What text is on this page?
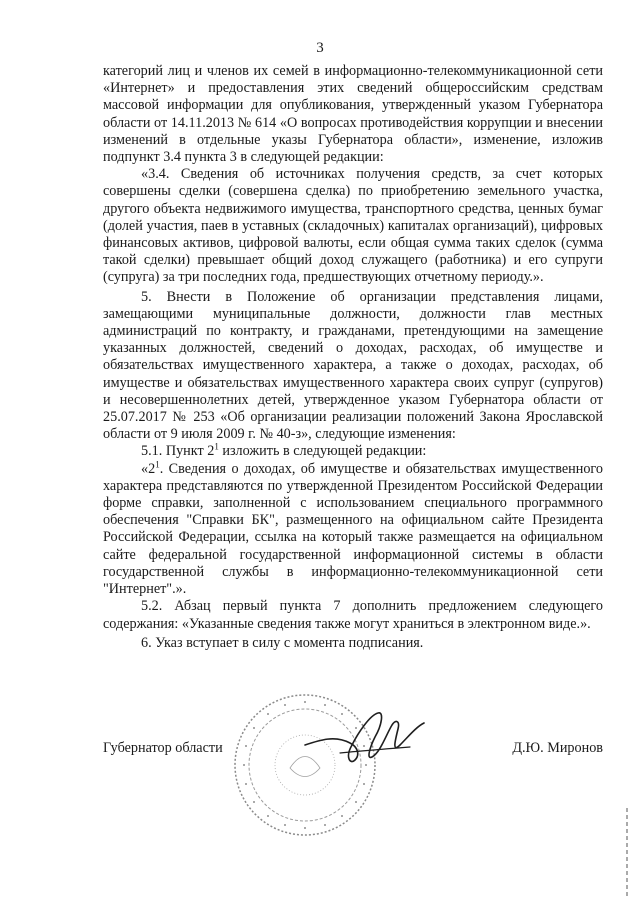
3

категорий лиц и членов их семей в информационно-телекоммуникационной сети «Интернет» и предоставления этих сведений общероссийским средствам массовой информации для опубликования, утвержденный указом Губернатора области от 14.11.2013 № 614 «О вопросах противодействия коррупции и внесении изменений в отдельные указы Губернатора области», изменение, изложив подпункт 3.4 пункта 3 в следующей редакции:

«3.4. Сведения об источниках получения средств, за счет которых совершены сделки (совершена сделка) по приобретению земельного участка, другого объекта недвижимого имущества, транспортного средства, ценных бумаг (долей участия, паев в уставных (складочных) капиталах организаций), цифровых финансовых активов, цифровой валюты, если общая сумма таких сделок (сумма такой сделки) превышает общий доход служащего (работника) и его супруги (супруга) за три последних года, предшествующих отчетному периоду.».

5. Внести в Положение об организации представления лицами, замещающими муниципальные должности, должности глав местных администраций по контракту, и гражданами, претендующими на замещение указанных должностей, сведений о доходах, расходах, об имуществе и обязательствах имущественного характера, а также о доходах, расходах, об имуществе и обязательствах имущественного характера своих супруг (супругов) и несовершеннолетних детей, утвержденное указом Губернатора области от 25.07.2017 № 253 «Об организации реализации положений Закона Ярославской области от 9 июля 2009 г. № 40-з», следующие изменения:

5.1. Пункт $2^1$ изложить в следующей редакции:

«$2^1$. Сведения о доходах, об имуществе и обязательствах имущественного характера представляются по утвержденной Президентом Российской Федерации форме справки, заполненной с использованием специального программного обеспечения "Справки БК", размещенного на официальном сайте Президента Российской Федерации, ссылка на который также размещается на официальном сайте федеральной государственной информационной системы в области государственной службы в информационно-телекоммуникационной сети "Интернет".».

5.2. Абзац первый пункта 7 дополнить предложением следующего содержания: «Указанные сведения также могут храниться в электронном виде.».

6. Указ вступает в силу с момента подписания.

Губернатор области	Д.Ю. Миронов
